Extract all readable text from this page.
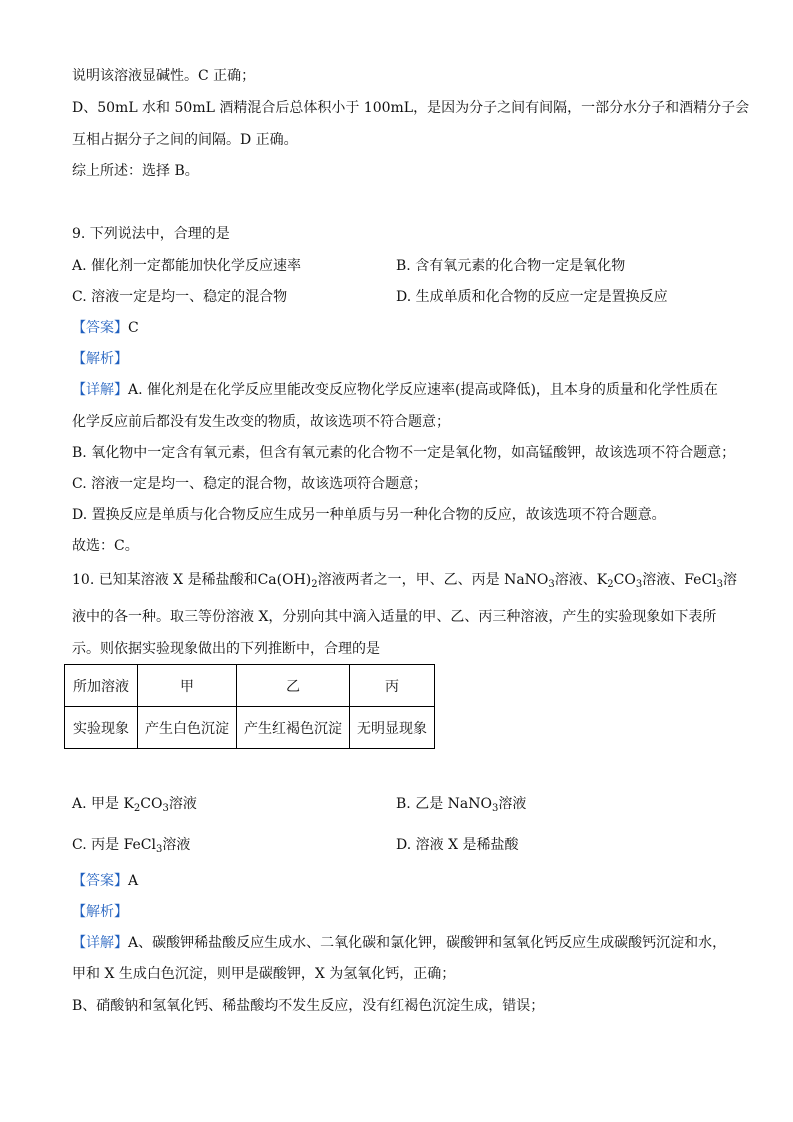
说明该溶液显碱性。C 正确；
D、50mL 水和 50mL 酒精混合后总体积小于 100mL，是因为分子之间有间隔，一部分水分子和酒精分子会
互相占据分子之间的间隔。D 正确。
综上所述：选择 B。
9. 下列说法中，合理的是
A. 催化剂一定都能加快化学反应速率	B. 含有氧元素的化合物一定是氧化物
C. 溶液一定是均一、稳定的混合物	D. 生成单质和化合物的反应一定是置换反应
【答案】C
【解析】
【详解】A. 催化剂是在化学反应里能改变反应物化学反应速率(提高或降低)，且本身的质量和化学性质在
化学反应前后都没有发生改变的物质，故该选项不符合题意；
B. 氧化物中一定含有氧元素，但含有氧元素的化合物不一定是氧化物，如高锰酸钾，故该选项不符合题意；
C. 溶液一定是均一、稳定的混合物，故该选项符合题意；
D. 置换反应是单质与化合物反应生成另一种单质与另一种化合物的反应，故该选项不符合题意。
故选：C。
10. 已知某溶液 X 是稀盐酸和$Ca(OH)_2$溶液两者之一，甲、乙、丙是 NaNO$_3$溶液、$K_2CO_3$溶液、FeCl$_3$溶
液中的各一种。取三等份溶液 X，分别向其中滴入适量的甲、乙、丙三种溶液，产生的实验现象如下表所
示。则依据实验现象做出的下列推断中，合理的是
所加溶液	甲	乙	丙
实验现象	产生白色沉淀	产生红褐色沉淀	无明显现象
A. 甲是 $K_2CO_3$溶液	B. 乙是 NaNO$_3$溶液
C. 丙是 FeCl$_3$溶液	D. 溶液 X 是稀盐酸
【答案】A
【解析】
【详解】A、碳酸钾稀盐酸反应生成水、二氧化碳和氯化钾，碳酸钾和氢氧化钙反应生成碳酸钙沉淀和水，
甲和 X 生成白色沉淀，则甲是碳酸钾，X 为氢氧化钙，正确；
B、硝酸钠和氢氧化钙、稀盐酸均不发生反应，没有红褐色沉淀生成，错误；
